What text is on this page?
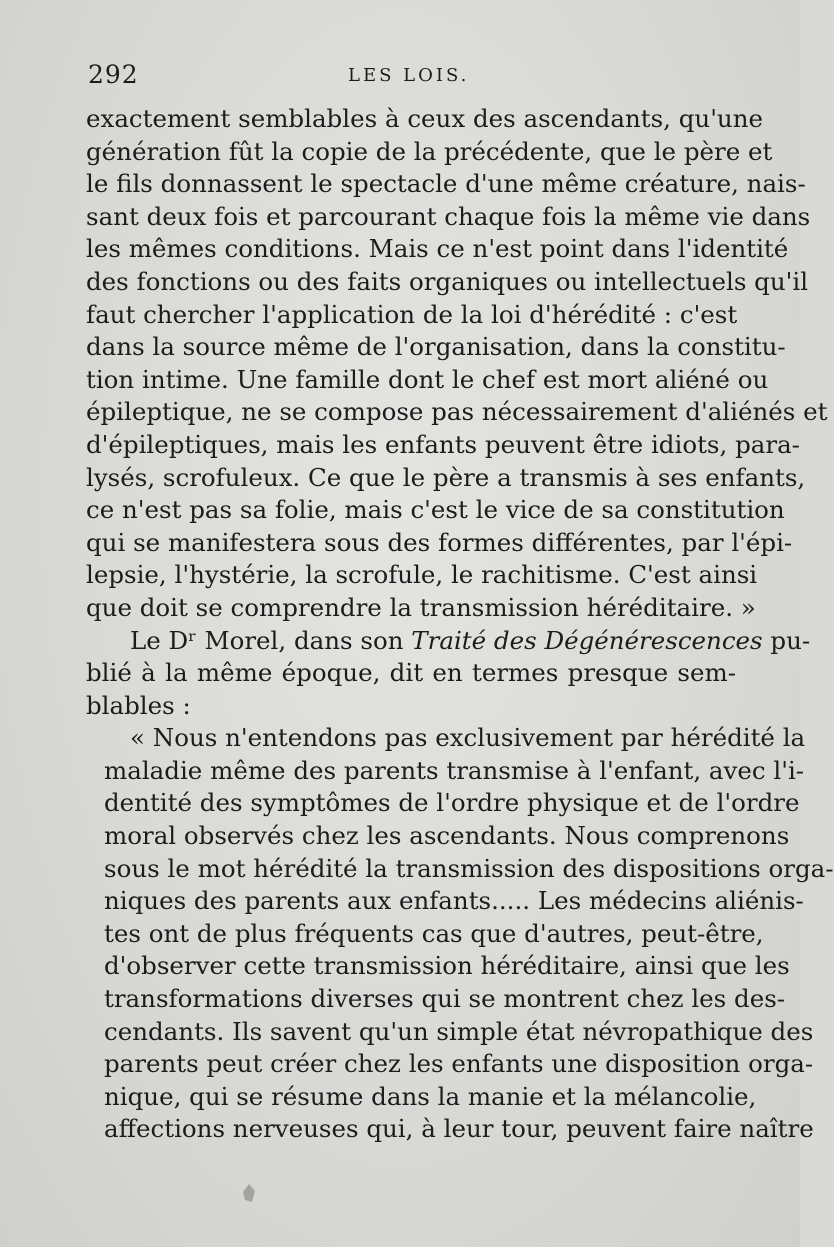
292	LES LOIS.
exactement semblables à ceux des ascendants, qu'une
génération fût la copie de la précédente, que le père et
le fils donnassent le spectacle d'une même créature, nais-
sant deux fois et parcourant chaque fois la même vie dans
les mêmes conditions. Mais ce n'est point dans l'identité
des fonctions ou des faits organiques ou intellectuels qu'il
faut chercher l'application de la loi d'hérédité : c'est
dans la source même de l'organisation, dans la constitu-
tion intime. Une famille dont le chef est mort aliéné ou
épileptique, ne se compose pas nécessairement d'aliénés et
d'épileptiques, mais les enfants peuvent être idiots, para-
lysés, scrofuleux. Ce que le père a transmis à ses enfants,
ce n'est pas sa folie, mais c'est le vice de sa constitution
qui se manifestera sous des formes différentes, par l'épi-
lepsie, l'hystérie, la scrofule, le rachitisme. C'est ainsi
que doit se comprendre la transmission héréditaire. »
Le Dʳ Morel, dans son Traité des Dégénérescences pu-
blié à la même époque, dit en termes presque sem-
blables :
« Nous n'entendons pas exclusivement par hérédité la
maladie même des parents transmise à l'enfant, avec l'i-
dentité des symptômes de l'ordre physique et de l'ordre
moral observés chez les ascendants. Nous comprenons
sous le mot hérédité la transmission des dispositions orga-
niques des parents aux enfants..... Les médecins aliénis-
tes ont de plus fréquents cas que d'autres, peut-être,
d'observer cette transmission héréditaire, ainsi que les
transformations diverses qui se montrent chez les des-
cendants. Ils savent qu'un simple état névropathique des
parents peut créer chez les enfants une disposition orga-
nique, qui se résume dans la manie et la mélancolie,
affections nerveuses qui, à leur tour, peuvent faire naître
